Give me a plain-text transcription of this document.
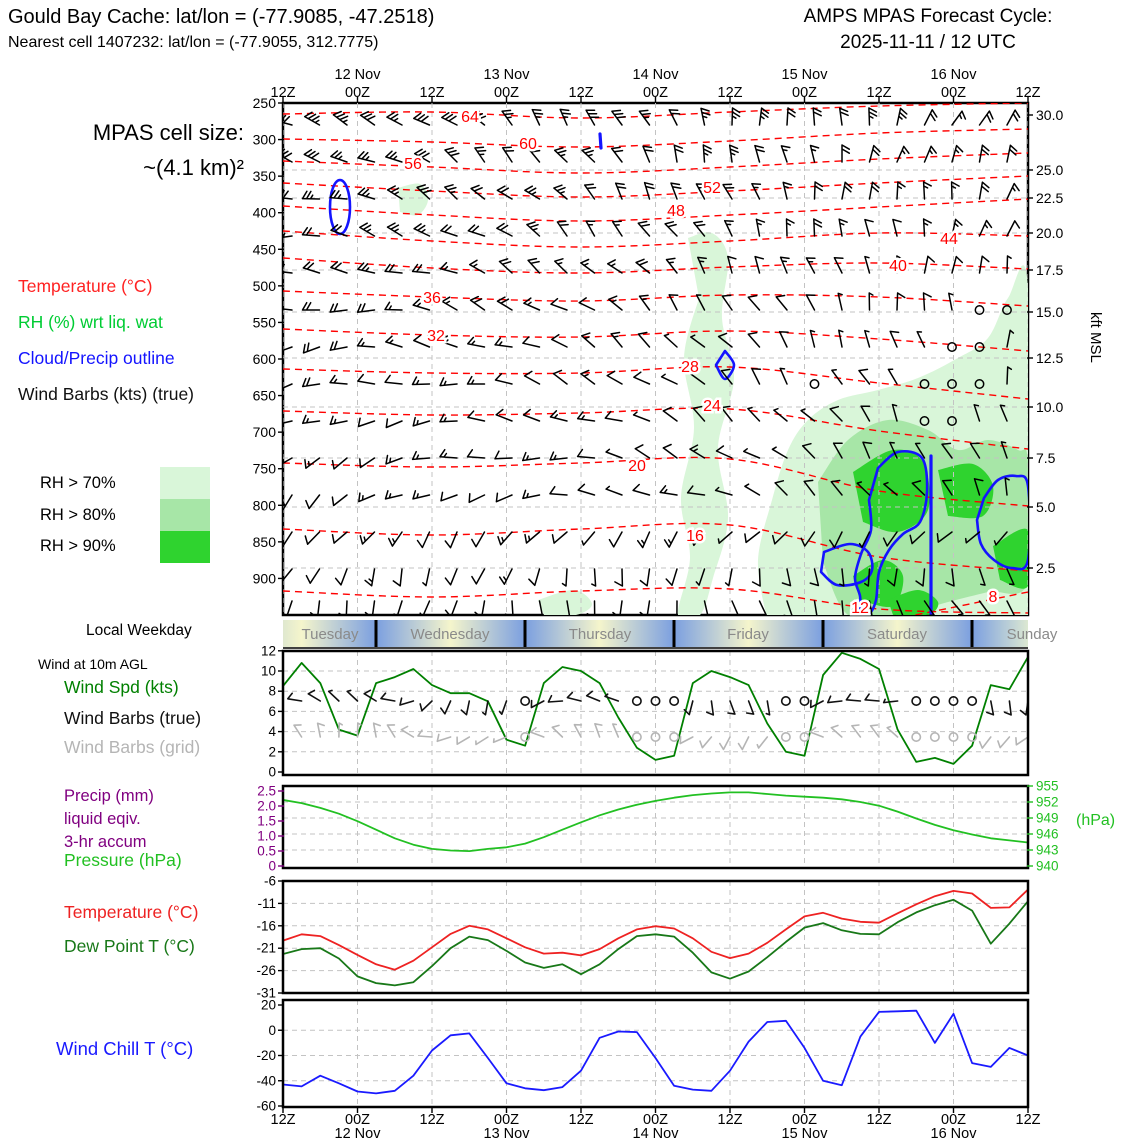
64
60
56
52
48
44
40
36
32
28
24
20
16
12
8
250
300
350
400
450
500
550
600
650
700
750
800
850
900
30.0
25.0
22.5
20.0
17.5
15.0
12.5
10.0
7.5
5.0
2.5
12Z	00Z
12 Nov
12Z	00Z
13 Nov
12Z	00Z
14 Nov
12Z	00Z
15 Nov
12Z	00Z
16 Nov
12Z
Tuesday	Wednesday	Thursday	Friday	Saturday	Sunday
12
10
8
6
4
2
0
2.5
2.0
1.5
1.0
0.5
0
955
952
949
946
943
940
-6
-11
-16
-21
-26
-31
20
0
-20
-40
-60
12Z	00Z
12 Nov
12Z	00Z
13 Nov
12Z	00Z
14 Nov
12Z	00Z
15 Nov
12Z	00Z
16 Nov
12Z
Gould Bay Cache: lat/lon = (-77.9085, -47.2518)
Nearest cell 1407232: lat/lon = (-77.9055, 312.7775)
AMPS MPAS Forecast Cycle:
2025-11-11 / 12 UTC
MPAS cell size:
~(4.1 km)²
Temperature (°C)
RH (%) wrt liq. wat
Cloud/Precip outline
Wind Barbs (kts) (true)
RH > 70%
RH > 80%
RH > 90%
kft MSL
Local Weekday
Wind at 10m AGL
Wind Spd (kts)
Wind Barbs (true)
Wind Barbs (grid)
Precip (mm)
liquid eqiv.
3-hr accum
Pressure (hPa)
(hPa)
Temperature (°C)
Dew Point T (°C)
Wind Chill T (°C)
